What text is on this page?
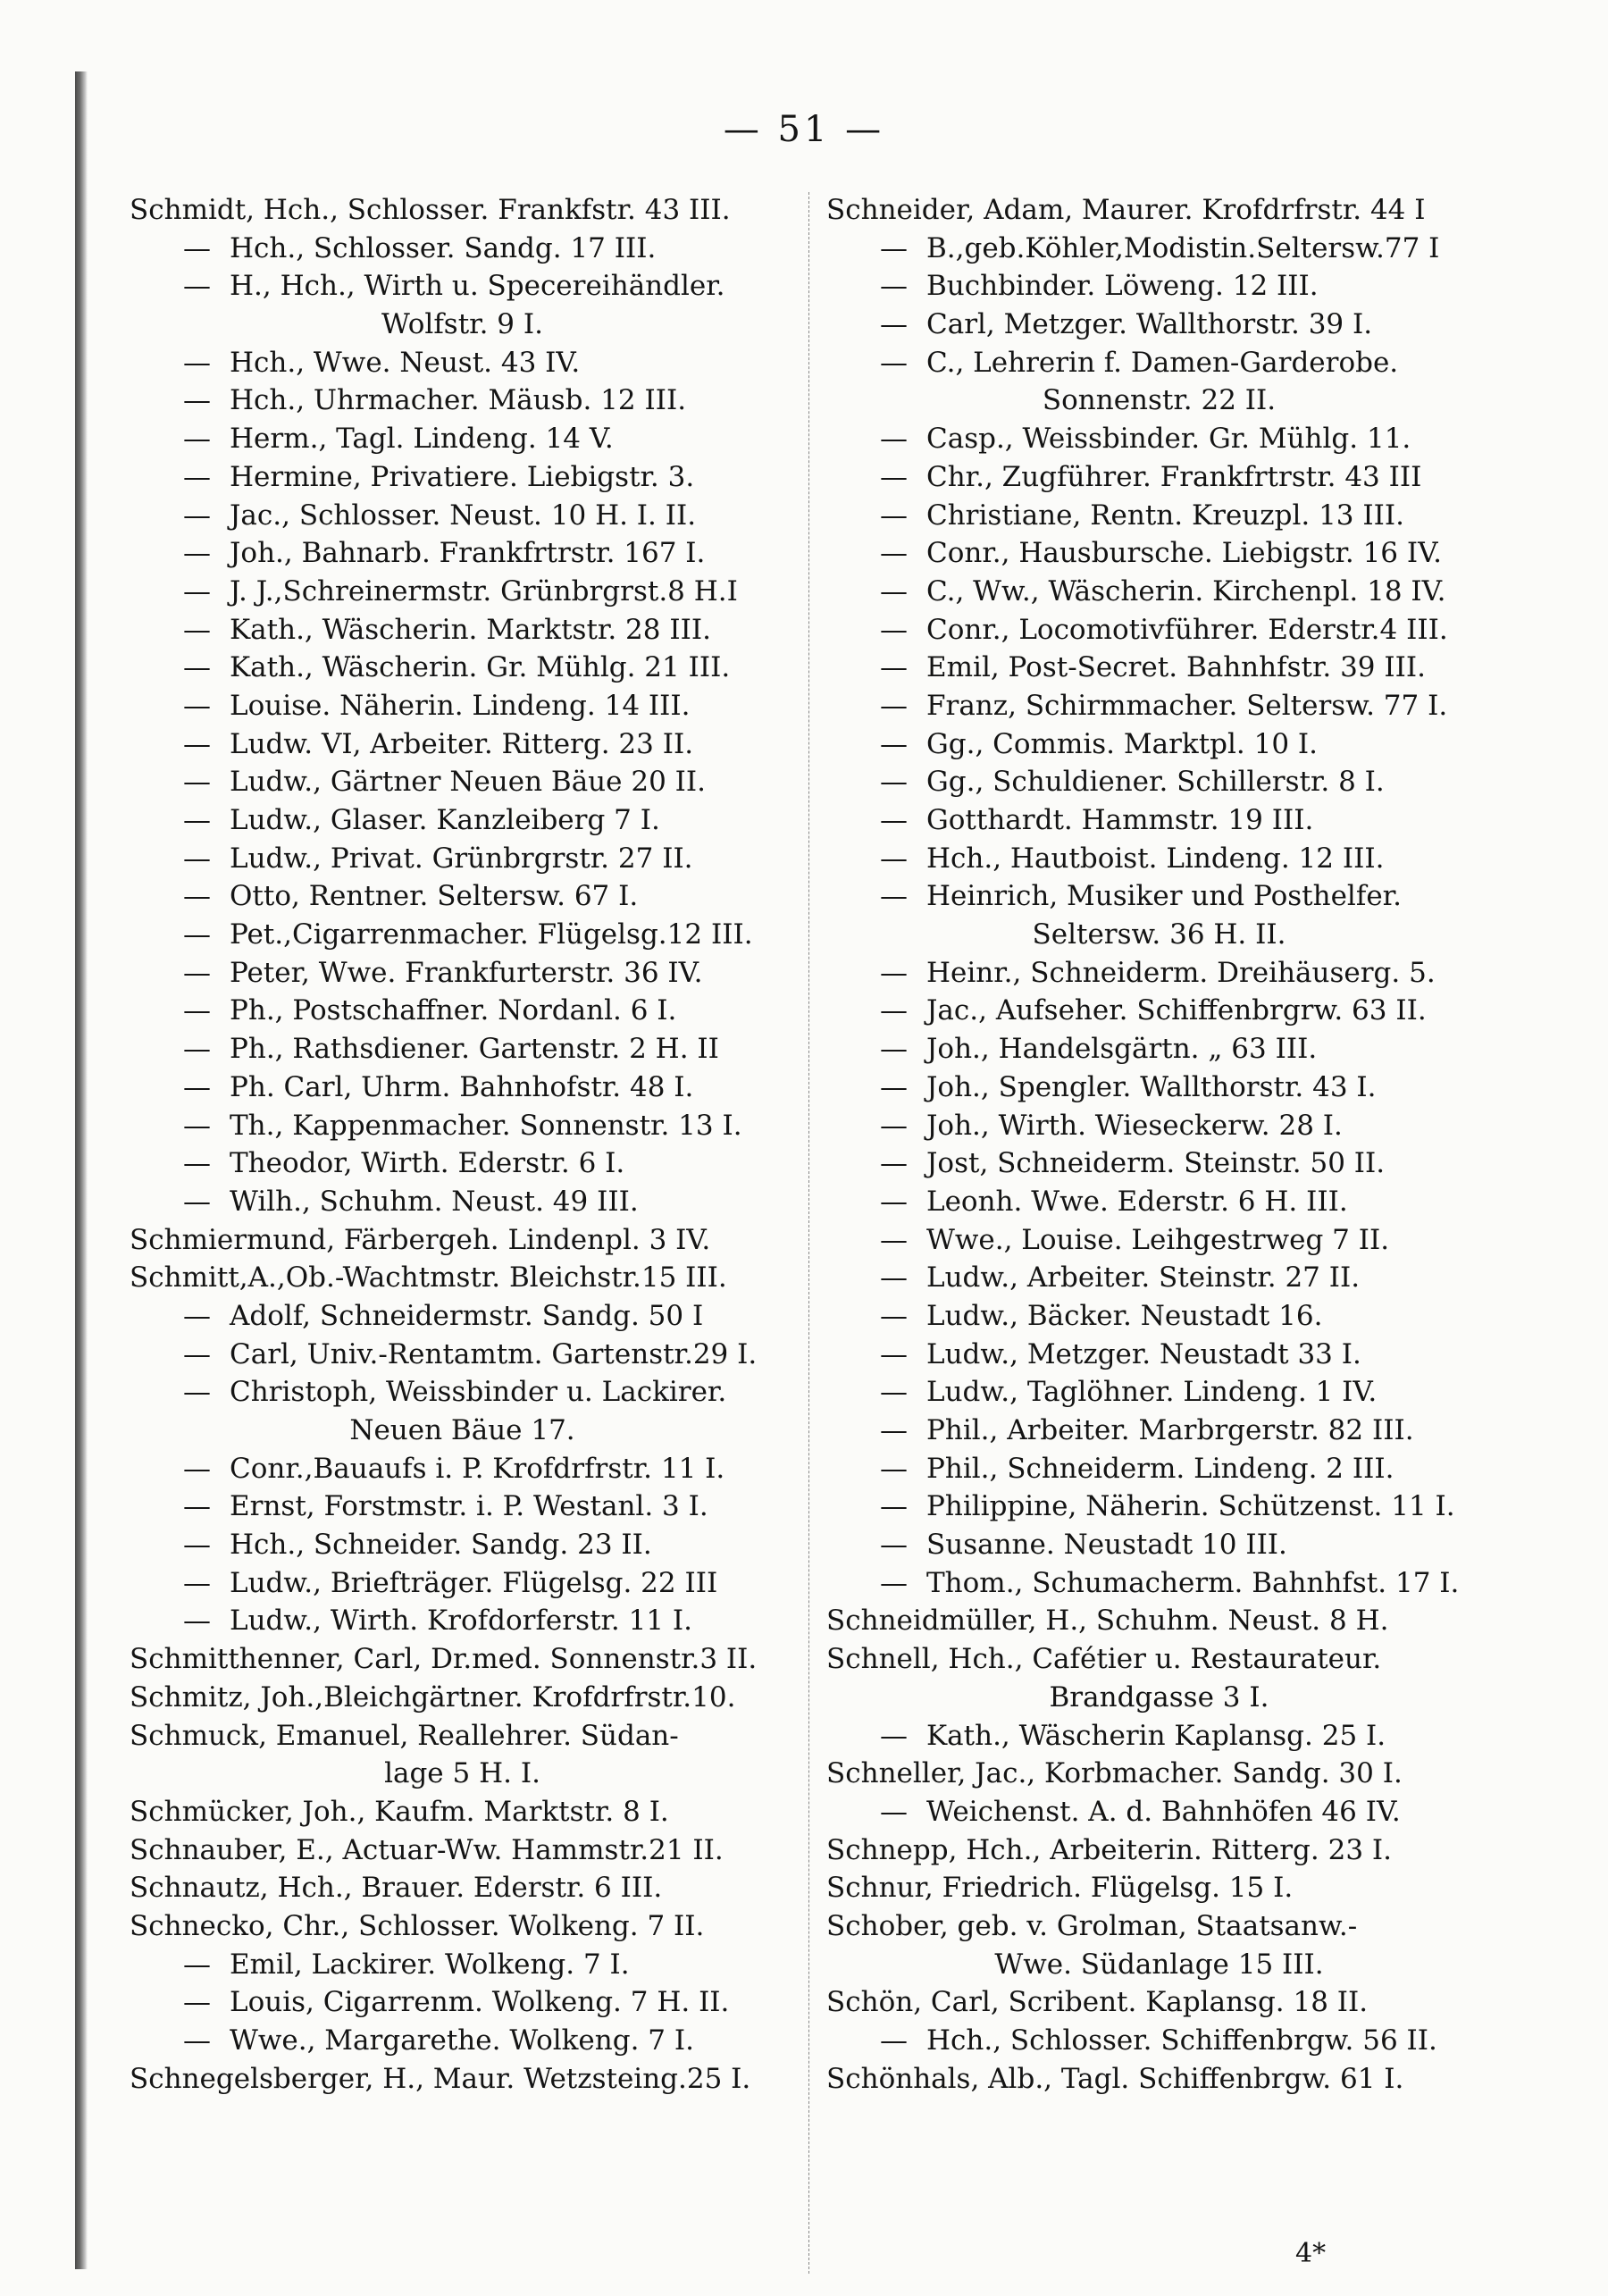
— 51 —
Schmidt, Hch., Schlosser. Frankfstr. 43 III.
—Hch., Schlosser. Sandg. 17 III.
—H., Hch., Wirth u. Specereihändler.
Wolfstr. 9 I.
—Hch., Wwe. Neust. 43 IV.
—Hch., Uhrmacher. Mäusb. 12 III.
—Herm., Tagl. Lindeng. 14 V.
—Hermine, Privatiere. Liebigstr. 3.
—Jac., Schlosser. Neust. 10 H. I. II.
—Joh., Bahnarb. Frankfrtrstr. 167 I.
—J. J.,Schreinermstr. Grünbrgrst.8 H.I
—Kath., Wäscherin. Marktstr. 28 III.
—Kath., Wäscherin. Gr. Mühlg. 21 III.
—Louise. Näherin. Lindeng. 14 III.
—Ludw. VI, Arbeiter. Ritterg. 23 II.
—Ludw., Gärtner Neuen Bäue 20 II.
—Ludw., Glaser. Kanzleiberg 7 I.
—Ludw., Privat. Grünbrgrstr. 27 II.
—Otto, Rentner. Seltersw. 67 I.
—Pet.,Cigarrenmacher. Flügelsg.12 III.
—Peter, Wwe. Frankfurterstr. 36 IV.
—Ph., Postschaffner. Nordanl. 6 I.
—Ph., Rathsdiener. Gartenstr. 2 H. II
—Ph. Carl, Uhrm. Bahnhofstr. 48 I.
—Th., Kappenmacher. Sonnenstr. 13 I.
—Theodor, Wirth. Ederstr. 6 I.
—Wilh., Schuhm. Neust. 49 III.
Schmiermund, Färbergeh. Lindenpl. 3 IV.
Schmitt,A.,Ob.-Wachtmstr. Bleichstr.15 III.
—Adolf, Schneidermstr. Sandg. 50 I
—Carl, Univ.-Rentamtm. Gartenstr.29 I.
—Christoph, Weissbinder u. Lackirer.
Neuen Bäue 17.
—Conr.,Bauaufs i. P. Krofdrfrstr. 11 I.
—Ernst, Forstmstr. i. P. Westanl. 3 I.
—Hch., Schneider. Sandg. 23 II.
—Ludw., Briefträger. Flügelsg. 22 III
—Ludw., Wirth. Krofdorferstr. 11 I.
Schmitthenner, Carl, Dr.med. Sonnenstr.3 II.
Schmitz, Joh.,Bleichgärtner. Krofdrfrstr.10.
Schmuck, Emanuel, Reallehrer. Südan-
lage 5 H. I.
Schmücker, Joh., Kaufm. Marktstr. 8 I.
Schnauber, E., Actuar-Ww. Hammstr.21 II.
Schnautz, Hch., Brauer. Ederstr. 6 III.
Schnecko, Chr., Schlosser. Wolkeng. 7 II.
—Emil, Lackirer. Wolkeng. 7 I.
—Louis, Cigarrenm. Wolkeng. 7 H. II.
—Wwe., Margarethe. Wolkeng. 7 I.
Schnegelsberger, H., Maur. Wetzsteing.25 I.
Schneider, Adam, Maurer. Krofdrfrstr. 44 I
—B.,geb.Köhler,Modistin.Seltersw.77 I
—Buchbinder. Löweng. 12 III.
—Carl, Metzger. Wallthorstr. 39 I.
—C., Lehrerin f. Damen-Garderobe.
Sonnenstr. 22 II.
—Casp., Weissbinder. Gr. Mühlg. 11.
—Chr., Zugführer. Frankfrtrstr. 43 III
—Christiane, Rentn. Kreuzpl. 13 III.
—Conr., Hausbursche. Liebigstr. 16 IV.
—C., Ww., Wäscherin. Kirchenpl. 18 IV.
—Conr., Locomotivführer. Ederstr.4 III.
—Emil, Post-Secret. Bahnhfstr. 39 III.
—Franz, Schirmmacher. Seltersw. 77 I.
—Gg., Commis. Marktpl. 10 I.
—Gg., Schuldiener. Schillerstr. 8 I.
—Gotthardt. Hammstr. 19 III.
—Hch., Hautboist. Lindeng. 12 III.
—Heinrich, Musiker und Posthelfer.
Seltersw. 36 H. II.
—Heinr., Schneiderm. Dreihäuserg. 5.
—Jac., Aufseher. Schiffenbrgrw. 63 II.
—Joh., Handelsgärtn. „ 63 III.
—Joh., Spengler. Wallthorstr. 43 I.
—Joh., Wirth. Wieseckerw. 28 I.
—Jost, Schneiderm. Steinstr. 50 II.
—Leonh. Wwe. Ederstr. 6 H. III.
—Wwe., Louise. Leihgestrweg 7 II.
—Ludw., Arbeiter. Steinstr. 27 II.
—Ludw., Bäcker. Neustadt 16.
—Ludw., Metzger. Neustadt 33 I.
—Ludw., Taglöhner. Lindeng. 1 IV.
—Phil., Arbeiter. Marbrgerstr. 82 III.
—Phil., Schneiderm. Lindeng. 2 III.
—Philippine, Näherin. Schützenst. 11 I.
—Susanne. Neustadt 10 III.
—Thom., Schumacherm. Bahnhfst. 17 I.
Schneidmüller, H., Schuhm. Neust. 8 H.
Schnell, Hch., Cafétier u. Restaurateur.
Brandgasse 3 I.
—Kath., Wäscherin Kaplansg. 25 I.
Schneller, Jac., Korbmacher. Sandg. 30 I.
—Weichenst. A. d. Bahnhöfen 46 IV.
Schnepp, Hch., Arbeiterin. Ritterg. 23 I.
Schnur, Friedrich. Flügelsg. 15 I.
Schober, geb. v. Grolman, Staatsanw.-
Wwe. Südanlage 15 III.
Schön, Carl, Scribent. Kaplansg. 18 II.
—Hch., Schlosser. Schiffenbrgw. 56 II.
Schönhals, Alb., Tagl. Schiffenbrgw. 61 I.
4*
